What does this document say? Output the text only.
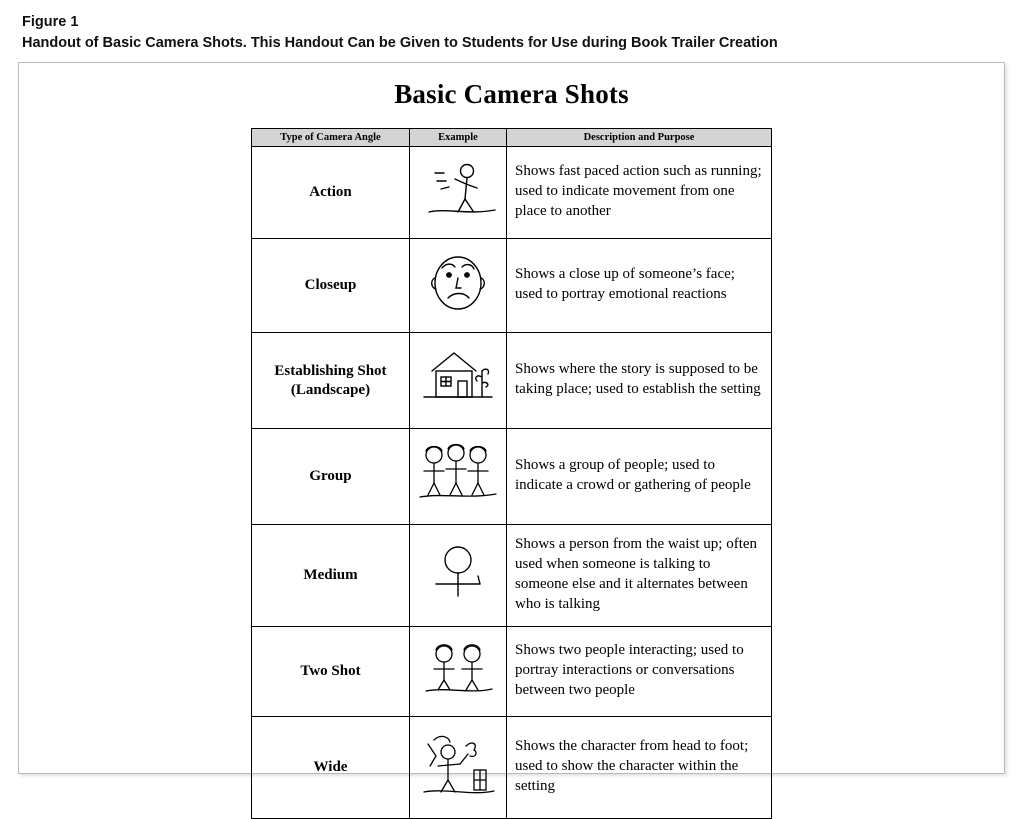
Figure 1
Handout of Basic Camera Shots. This Handout Can be Given to Students for Use during Book Trailer Creation
Basic Camera Shots
Type of Camera Angle	Example	Description and Purpose
Action		Shows fast paced action such as running; used to indicate movement from one place to another
Closeup		Shows a close up of someone’s face; used to portray emotional reactions
Establishing Shot
(Landscape)		Shows where the story is supposed to be taking place; used to establish the setting
Group		Shows a group of people; used to indicate a crowd or gathering of people
Medium		Shows a person from the waist up; often used when someone is talking to someone else and it alternates between who is talking
Two Shot		Shows two people interacting; used to portray interactions or conversations between two people
Wide		Shows the character from head to foot; used to show the character within the setting
